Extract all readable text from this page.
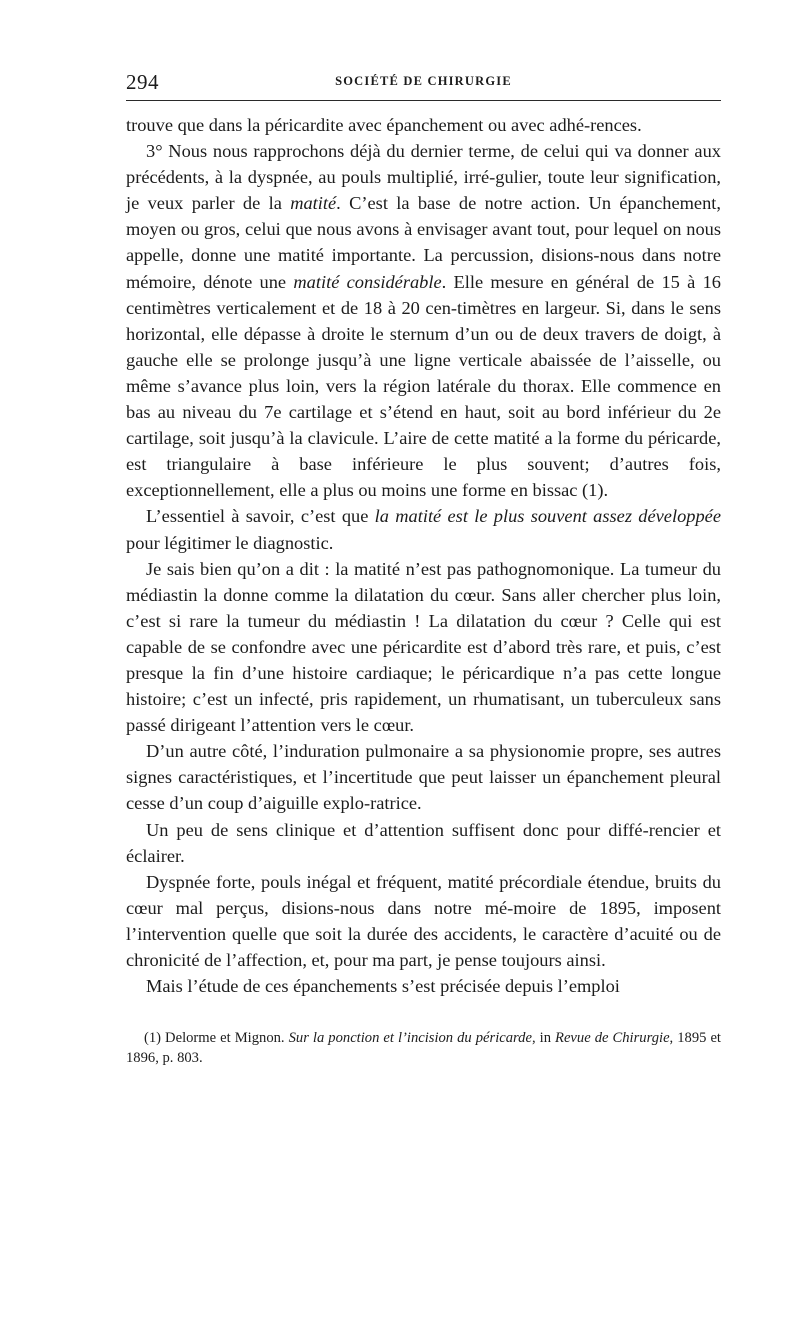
294	SOCIÉTÉ DE CHIRURGIE

trouve que dans la péricardite avec épanchement ou avec adhé-rences.

3° Nous nous rapprochons déjà du dernier terme, de celui qui va donner aux précédents, à la dyspnée, au pouls multiplié, irré-gulier, toute leur signification, je veux parler de la matité. C’est la base de notre action. Un épanchement, moyen ou gros, celui que nous avons à envisager avant tout, pour lequel on nous appelle, donne une matité importante. La percussion, disions-nous dans notre mémoire, dénote une matité considérable. Elle mesure en général de 15 à 16 centimètres verticalement et de 18 à 20 cen-timètres en largeur. Si, dans le sens horizontal, elle dépasse à droite le sternum d’un ou de deux travers de doigt, à gauche elle se prolonge jusqu’à une ligne verticale abaissée de l’aisselle, ou même s’avance plus loin, vers la région latérale du thorax. Elle commence en bas au niveau du 7e cartilage et s’étend en haut, soit au bord inférieur du 2e cartilage, soit jusqu’à la clavicule. L’aire de cette matité a la forme du péricarde, est triangulaire à base inférieure le plus souvent; d’autres fois, exceptionnellement, elle a plus ou moins une forme en bissac (1).

L’essentiel à savoir, c’est que la matité est le plus souvent assez développée pour légitimer le diagnostic.

Je sais bien qu’on a dit : la matité n’est pas pathognomonique. La tumeur du médiastin la donne comme la dilatation du cœur. Sans aller chercher plus loin, c’est si rare la tumeur du médiastin ! La dilatation du cœur ? Celle qui est capable de se confondre avec une péricardite est d’abord très rare, et puis, c’est presque la fin d’une histoire cardiaque; le péricardique n’a pas cette longue histoire; c’est un infecté, pris rapidement, un rhumatisant, un tuberculeux sans passé dirigeant l’attention vers le cœur.

D’un autre côté, l’induration pulmonaire a sa physionomie propre, ses autres signes caractéristiques, et l’incertitude que peut laisser un épanchement pleural cesse d’un coup d’aiguille explo-ratrice.

Un peu de sens clinique et d’attention suffisent donc pour diffé-rencier et éclairer.

Dyspnée forte, pouls inégal et fréquent, matité précordiale étendue, bruits du cœur mal perçus, disions-nous dans notre mé-moire de 1895, imposent l’intervention quelle que soit la durée des accidents, le caractère d’acuité ou de chronicité de l’affection, et, pour ma part, je pense toujours ainsi.

Mais l’étude de ces épanchements s’est précisée depuis l’emploi

(1) Delorme et Mignon. Sur la ponction et l’incision du péricarde, in Revue de Chirurgie, 1895 et 1896, p. 803.
